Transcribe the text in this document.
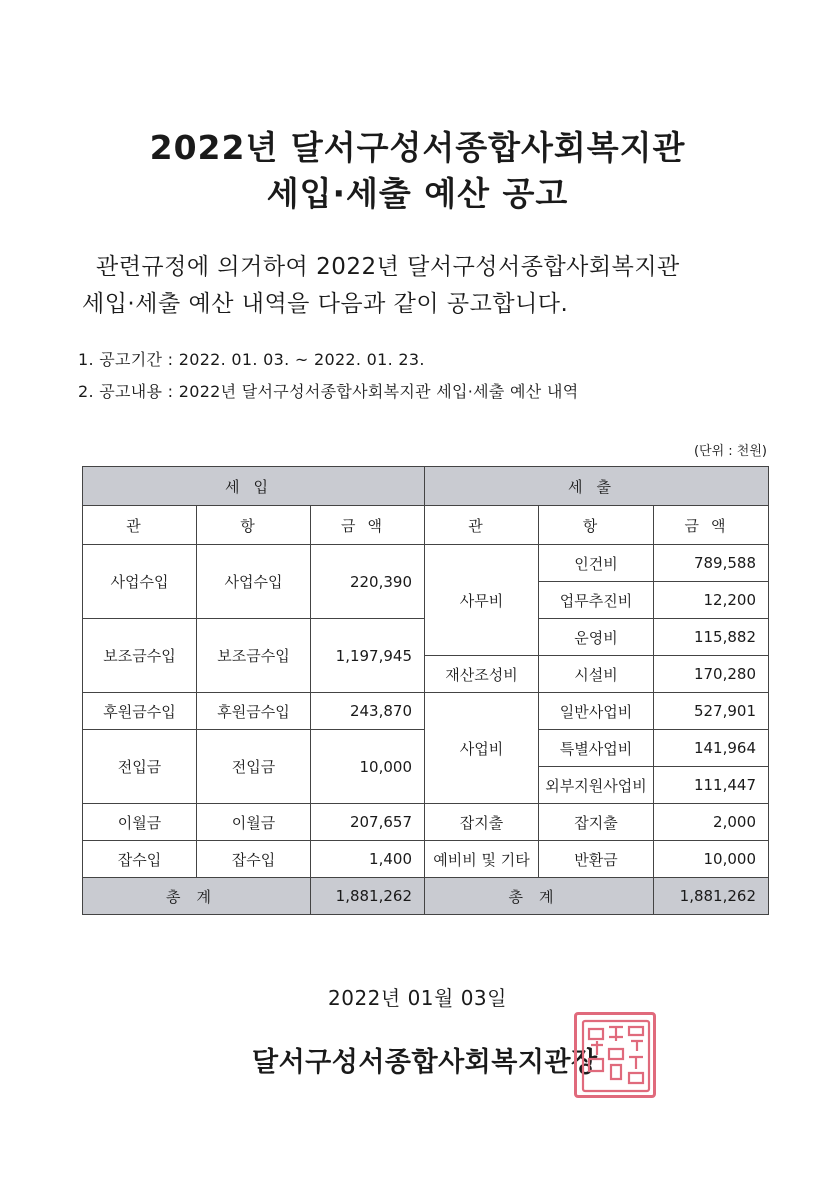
2022년 달서구성서종합사회복지관
세입·세출 예산 공고
관련규정에 의거하여 2022년 달서구성서종합사회복지관
세입·세출 예산 내역을 다음과 같이 공고합니다.
1. 공고기간 : 2022. 01. 03. ~ 2022. 01. 23.
2. 공고내용 : 2022년 달서구성서종합사회복지관 세입·세출 예산 내역
(단위 : 천원)
세입			세출		
관	항	금액	관	항	금액
사업수입	사업수입	220,390	사무비	인건비	789,588
				업무추진비	12,200
보조금수입	보조금수입	1,197,945		운영비	115,882
			재산조성비	시설비	170,280
후원금수입	후원금수입	243,870	사업비	일반사업비	527,901
전입금	전입금	10,000		특별사업비	141,964
				외부지원사업비	111,447
이월금	이월금	207,657	잡지출	잡지출	2,000
잡수입	잡수입	1,400	예비비 및 기타	반환금	10,000
총계		1,881,262	총계		1,881,262
2022년 01월 03일
달서구성서종합사회복지관장
